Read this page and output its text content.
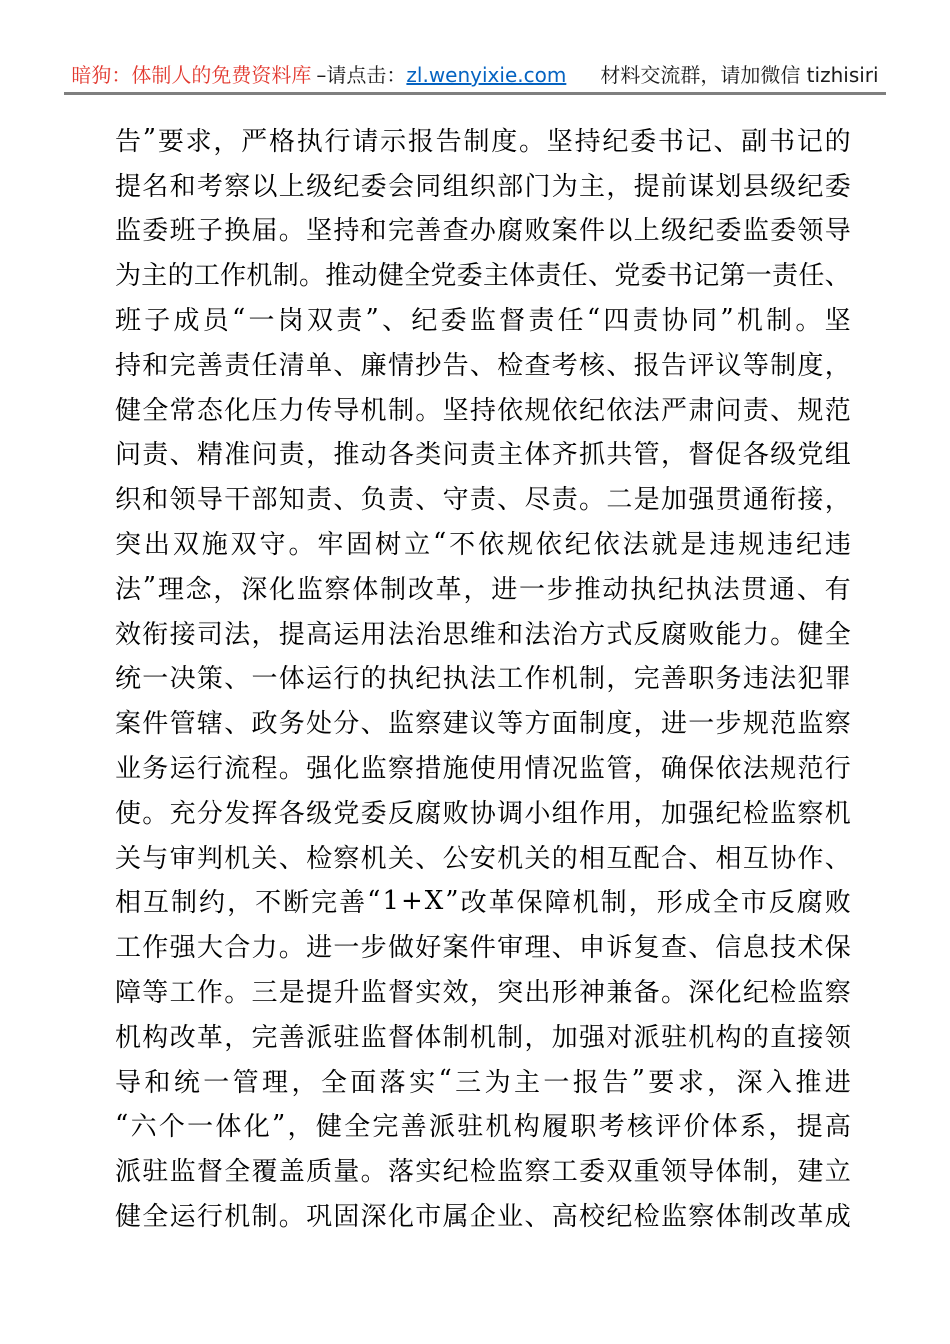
暗狗：体制人的免费资料库 –请点击：zl.wenyixie.com 材料交流群，请加微信 tizhisiri
告 ” 要 求 ， 严 格 执 行 请 示 报 告 制 度 。 坚 持 纪 委 书 记 、 副 书 记 的
提 名 和 考 察 以 上 级 纪 委 会 同 组 织 部 门 为 主 ， 提 前 谋 划 县 级 纪 委
监 委 班 子 换 届 。 坚 持 和 完 善 查 办 腐 败 案 件 以 上 级 纪 委 监 委 领 导
为 主 的 工 作 机 制 。 推 动 健 全 党 委 主 体 责 任 、 党 委 书 记 第 一 责 任 、
班 子 成 员 “ 一 岗 双 责 ” 、 纪 委 监 督 责 任 “ 四 责 协 同 ” 机 制 。 坚
持 和 完 善 责 任 清 单 、 廉 情 抄 告 、 检 查 考 核 、 报 告 评 议 等 制 度 ，
健 全 常 态 化 压 力 传 导 机 制 。 坚 持 依 规 依 纪 依 法 严 肃 问 责 、 规 范
问 责 、 精 准 问 责 ， 推 动 各 类 问 责 主 体 齐 抓 共 管 ， 督 促 各 级 党 组
织 和 领 导 干 部 知 责 、 负 责 、 守 责 、 尽 责 。 二 是 加 强 贯 通 衔 接 ，
突 出 双 施 双 守 。 牢 固 树 立 “ 不 依 规 依 纪 依 法 就 是 违 规 违 纪 违
法 ” 理 念 ， 深 化 监 察 体 制 改 革 ， 进 一 步 推 动 执 纪 执 法 贯 通 、 有
效 衔 接 司 法 ， 提 高 运 用 法 治 思 维 和 法 治 方 式 反 腐 败 能 力 。 健 全
统 一 决 策 、 一 体 运 行 的 执 纪 执 法 工 作 机 制 ， 完 善 职 务 违 法 犯 罪
案 件 管 辖 、 政 务 处 分 、 监 察 建 议 等 方 面 制 度 ， 进 一 步 规 范 监 察
业 务 运 行 流 程 。 强 化 监 察 措 施 使 用 情 况 监 管 ， 确 保 依 法 规 范 行
使 。 充 分 发 挥 各 级 党 委 反 腐 败 协 调 小 组 作 用 ， 加 强 纪 检 监 察 机
关 与 审 判 机 关 、 检 察 机 关 、 公 安 机 关 的 相 互 配 合 、 相 互 协 作 、
相 互 制 约 ， 不 断 完 善 “ 1 + X ” 改 革 保 障 机 制 ， 形 成 全 市 反 腐 败
工 作 强 大 合 力 。 进 一 步 做 好 案 件 审 理 、 申 诉 复 查 、 信 息 技 术 保
障 等 工 作 。 三 是 提 升 监 督 实 效 ， 突 出 形 神 兼 备 。 深 化 纪 检 监 察
机 构 改 革 ， 完 善 派 驻 监 督 体 制 机 制 ， 加 强 对 派 驻 机 构 的 直 接 领
导 和 统 一 管 理 ， 全 面 落 实 “ 三 为 主 一 报 告 ” 要 求 ， 深 入 推 进
“ 六 个 一 体 化 ” ， 健 全 完 善 派 驻 机 构 履 职 考 核 评 价 体 系 ， 提 高
派 驻 监 督 全 覆 盖 质 量 。 落 实 纪 检 监 察 工 委 双 重 领 导 体 制 ， 建 立
健 全 运 行 机 制 。 巩 固 深 化 市 属 企 业 、 高 校 纪 检 监 察 体 制 改 革 成
